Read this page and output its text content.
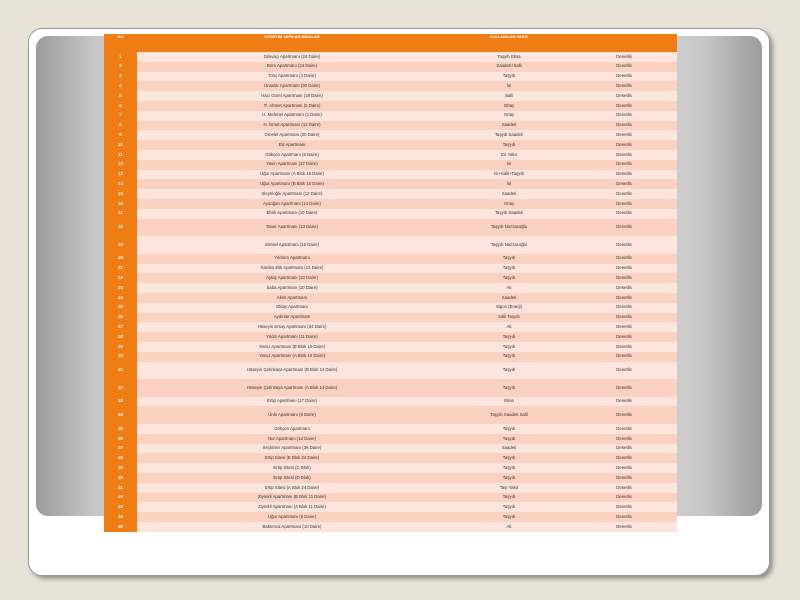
NO	DENETİM YAPILAN BİNALAR	KULLANILAN YAKIT	

1	Dilovaçı Apartmanı (24 Daire)	Taşyıb Eksa	Denetlis
2	Bora Apartmanı (24 Daire)	Saadeti+Salli	Denetlis
3	Tonç Apartmanı (4 Daire)	Taşyıb	Denetlis
4	Ünaslar Apartmanı (30 Daire)	İsi	Denetlis
5	Hacı Gürel Apartmanı (19 Daire)	Salli	Denetlis
6	Tl. Ahmet Apartmanı (5 Daire)	Ortay	Denetlis
7	H. Mehmet Apartmanı (2 Daire)	Ortay	Denetlis
8	H. İsmet Apartmanı (12 Daire)	Saadeti	Denetlis
9	Omelet Apartmanı (20 Daire)	Taşyıb Saadeti	Denetlis
10	Elit Apartmanı	Taşyıb	Denetlis
11	Gökçen Apartmanı (5 Daire)	Eri Yakıt	Denetlis
12	Yasin Apartmanı (27 Daire)	İsi	Denetlis
13	Uğur Apartmanı (A Blok 15 Daire)	İsi+Salli+Taşyıb	Denetlis
14	Uğur Apartmanı (B Blok 10 Daire)	İsi	Denetlis
15	Sleynloğlu Apartmanı (12 Daire)	Saadeti	Denetlis
16	Aydoğan Apartmanı (14 Daire)	Ortay	Denetlis
17	Ebrik Apartmanı (10 Daire)	Taşyıb Saadeti	Denetlis
18	Taner Apartmanı (13 Daire)	Taşyıb Nazzacoğlu	Denetlis
19	Simsel Apartmanı (15 Daire)	Taşyıb Nazzacoğlu	Denetlis
20	Yıldırım Apartmanı	Taşyıb	Denetlis
21	Kardeş Elik Apartmanı (12 Daire)	Taşyıb	Denetlis
22	Aytaç Apartmanı (20 Daire)	Taşyıb	Denetlis
23	Saba Apartmanı (10 Daire)	Ak	Denetlis
24	Akim Apartmanı	Saadeti	Denetlis
25	Oktay Apartmanı	Sigon (Enerji)	Denetlis
26	Aydınlar Apartmanı	Salli Taşyıb	Denetlis
27	Hüseyin Ersoy Apartmanı (24 Daire)	Ak	Denetlis
28	Yıldız Apartmanı (11 Daire)	Taşyıb	Denetlis
29	Yavuz Apartmanı (B Blok 10 Daire)	Taşyıb	Denetlis
30	Yavuz Apartmanı (A Blok 10 Daire)	Taşyıb	Denetlis
31	Hüseyin Çetinkaya Apartmanı (B Blok 14 Daire)	Taşyıb	Denetlis
32	Hüseyin Çetinkaya Apartmanı (A Blok 14 Daire)	Taşyıb	Denetlis
33	Ertip Apartmanı (17 Daire)	Eksa	Denetlis
34	Ünlü Apartmanı (9 Daire)	Taşyıb Saadeti Salli	Denetlis
35	Gökçen Apartmanı	Taşyıb	Denetlis
36	Nur Apartmanı (12 Daire)	Taşyıb	Denetlis
37	Seçkinler Apartmanı (36 Daire)	Saadeti	Denetlis
38	Ertip Sitesi (E Blok 24 Daire)	Taşyıb	Denetlis
39	Ertip Sitesi (C Blok)	Taşyıb	Denetlis
40	Ertip Sitesi (D Blok)	Taşyıb	Denetlis
41	Ertip Sitesi (A Blok 24 Daire)	Taşı Yakıt	Denetlis
42	Ziyrekli Apartmanı (B Blok 11 Daire)	Taşyıb	Denetlis
43	Ziyrekli Apartmanı (A Blok 11 Daire)	Taşyıb	Denetlis
44	Uğur Apartmanı (6 Daire)	Taşyıb	Denetlis
45	Baktımca Apartmanı (10 Daire)	Ak	Denetlis
